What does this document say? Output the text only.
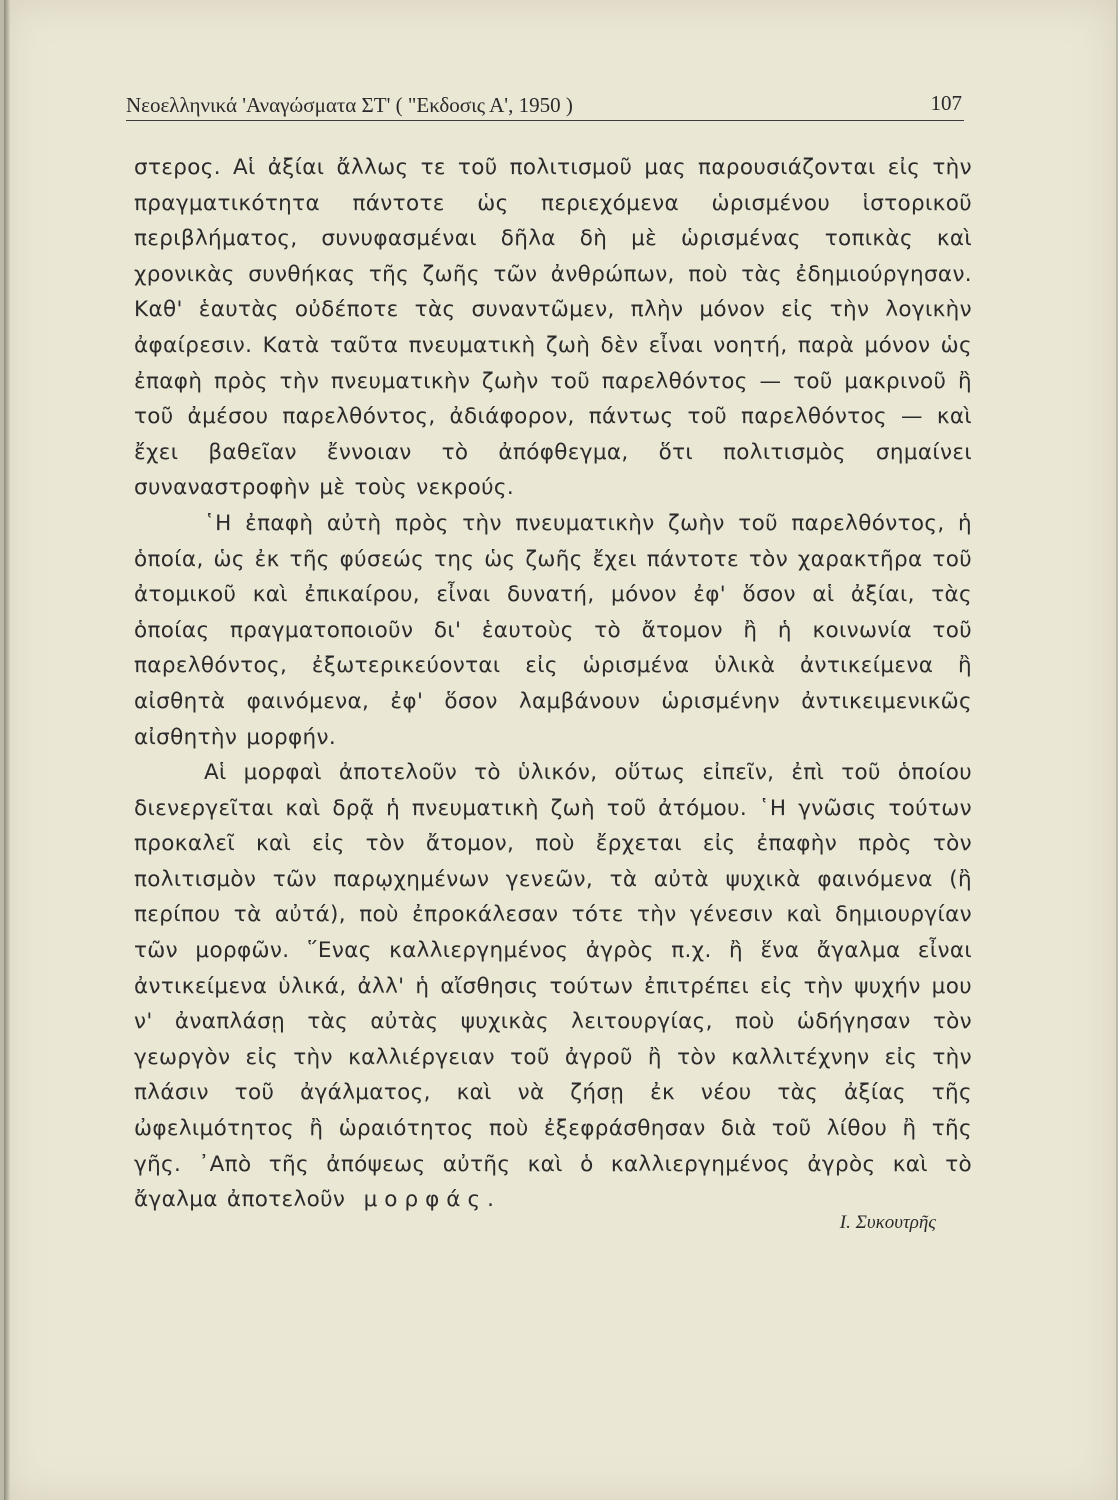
Νεοελληνικά 'Αναγώσματα ΣΤ' ( "Εκδοσις Α', 1950 )	107

στερος. Αἱ ἀξίαι ἄλλως τε τοῦ πολιτισμοῦ μας παρουσιάζονται εἰς τὴν πραγματικότητα πάντοτε ὡς περιεχόμενα ὡρισμένου ἱστορικοῦ περιβλήματος, συνυφασμέναι δῆλα δὴ μὲ ὡρισμένας τοπικὰς καὶ χρονικὰς συνθήκας τῆς ζωῆς τῶν ἀνθρώπων, ποὺ τὰς ἐδημιούργησαν. Καθ' ἑαυτὰς οὐδέποτε τὰς συναντῶμεν, πλὴν μόνον εἰς τὴν λογικὴν ἀφαίρεσιν. Κατὰ ταῦτα πνευματικὴ ζωὴ δὲν εἶναι νοητή, παρὰ μόνον ὡς ἐπαφὴ πρὸς τὴν πνευματικὴν ζωὴν τοῦ παρελθόντος — τοῦ μακρινοῦ ἢ τοῦ ἀμέσου παρελθόντος, ἀδιάφορον, πάντως τοῦ παρελθόντος — καὶ ἔχει βαθεῖαν ἔννοιαν τὸ ἀπόφθεγμα, ὅτι πολιτισμὸς σημαίνει συναναστροφὴν μὲ τοὺς νεκρούς.

῾Η ἐπαφὴ αὐτὴ πρὸς τὴν πνευματικὴν ζωὴν τοῦ παρελθόντος, ἡ ὁποία, ὡς ἐκ τῆς φύσεώς της ὡς ζωῆς ἔχει πάντοτε τὸν χαρακτῆρα τοῦ ἀτομικοῦ καὶ ἐπικαίρου, εἶναι δυνατή, μόνον ἐφ' ὅσον αἱ ἀξίαι, τὰς ὁποίας πραγματοποιοῦν δι' ἑαυτοὺς τὸ ἄτομον ἢ ἡ κοινωνία τοῦ παρελθόντος, ἐξωτερικεύονται εἰς ὡρισμένα ὑλικὰ ἀντικείμενα ἢ αἰσθητὰ φαινόμενα, ἐφ' ὅσον λαμβάνουν ὡρισμένην ἀντικειμενικῶς αἰσθητὴν μορφήν.

Αἱ μορφαὶ ἀποτελοῦν τὸ ὑλικόν, οὕτως εἰπεῖν, ἐπὶ τοῦ ὁποίου διενεργεῖται καὶ δρᾷ ἡ πνευματικὴ ζωὴ τοῦ ἀτόμου. ῾Η γνῶσις τούτων προκαλεῖ καὶ εἰς τὸν ἄτομον, ποὺ ἔρχεται εἰς ἐπαφὴν πρὸς τὸν πολιτισμὸν τῶν παρῳχημένων γενεῶν, τὰ αὐτὰ ψυχικὰ φαινόμενα (ἢ περίπου τὰ αὐτά), ποὺ ἐπροκάλεσαν τότε τὴν γένεσιν καὶ δημιουργίαν τῶν μορφῶν. ῞Ενας καλλιεργημένος ἀγρὸς π.χ. ἢ ἕνα ἄγαλμα εἶναι ἀντικείμενα ὑλικά, ἀλλ' ἡ αἴσθησις τούτων ἐπιτρέπει εἰς τὴν ψυχήν μου ν' ἀναπλάσῃ τὰς αὐτὰς ψυχικὰς λειτουργίας, ποὺ ὡδήγησαν τὸν γεωργὸν εἰς τὴν καλλιέργειαν τοῦ ἀγροῦ ἢ τὸν καλλιτέχνην εἰς τὴν πλάσιν τοῦ ἀγάλματος, καὶ νὰ ζήσῃ ἐκ νέου τὰς ἀξίας τῆς ὠφελιμότητος ἢ ὡραιότητος ποὺ ἐξεφράσθησαν διὰ τοῦ λίθου ἢ τῆς γῆς. ᾿Απὸ τῆς ἀπόψεως αὐτῆς καὶ ὁ καλλιεργημένος ἀγρὸς καὶ τὸ ἄγαλμα ἀποτελοῦν μορφάς.

Ι. Συκουτρῆς
